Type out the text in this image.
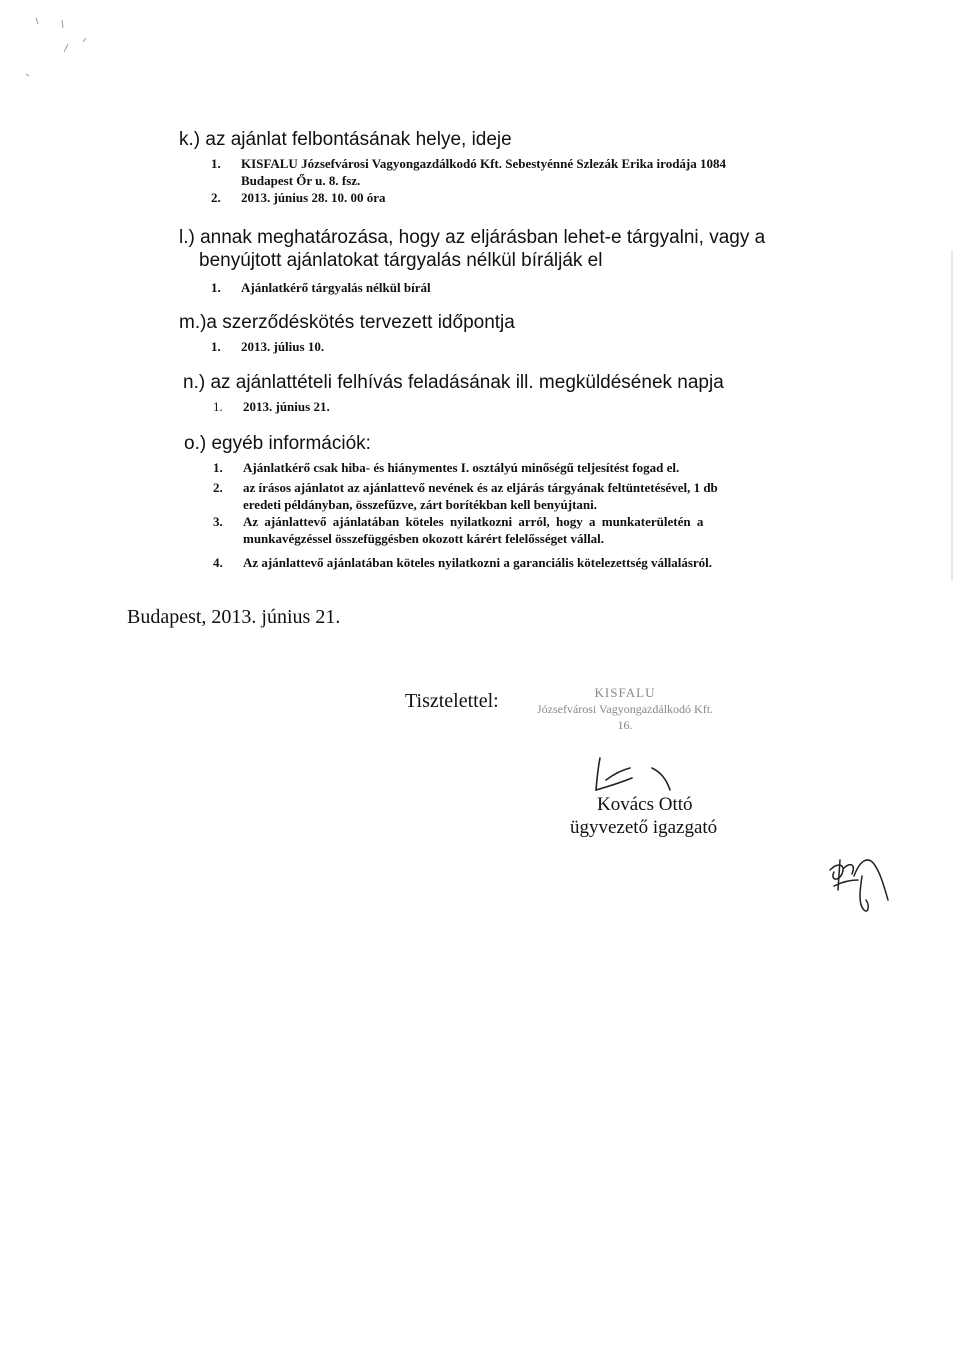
k.) az ajánlat felbontásának helye, ideje
1. KISFALU Józsefvárosi Vagyongazdálkodó Kft. Sebestyénné Szlezák Erika irodája 1084
Budapest Őr u. 8. fsz.
2. 2013. június 28. 10. 00 óra
l.) annak meghatározása, hogy az eljárásban lehet-e tárgyalni, vagy a
benyújtott ajánlatokat tárgyalás nélkül bírálják el
1. Ajánlatkérő tárgyalás nélkül bírál
m.)a szerződéskötés tervezett időpontja
1. 2013. július 10.
n.) az ajánlattételi felhívás feladásának ill. megküldésének napja
1. 2013. június 21.
o.) egyéb információk:
1. Ajánlatkérő csak hiba- és hiánymentes I. osztályú minőségű teljesítést fogad el.
2. az írásos ajánlatot az ajánlattevő nevének és az eljárás tárgyának feltüntetésével, 1 db
eredeti példányban, összefűzve, zárt borítékban kell benyújtani.
3. Az ajánlattevő ajánlatában köteles nyilatkozni arról, hogy a munkaterületén a
munkavégzéssel összefüggésben okozott kárért felelősséget vállal.
4. Az ajánlattevő ajánlatában köteles nyilatkozni a garanciális kötelezettség vállalásról.
Budapest, 2013. június 21.
Tisztelettel:	KISFALU
Józsefvárosi Vagyongazdálkodó Kft.
16.
Kovács Ottó
ügyvezető igazgató
